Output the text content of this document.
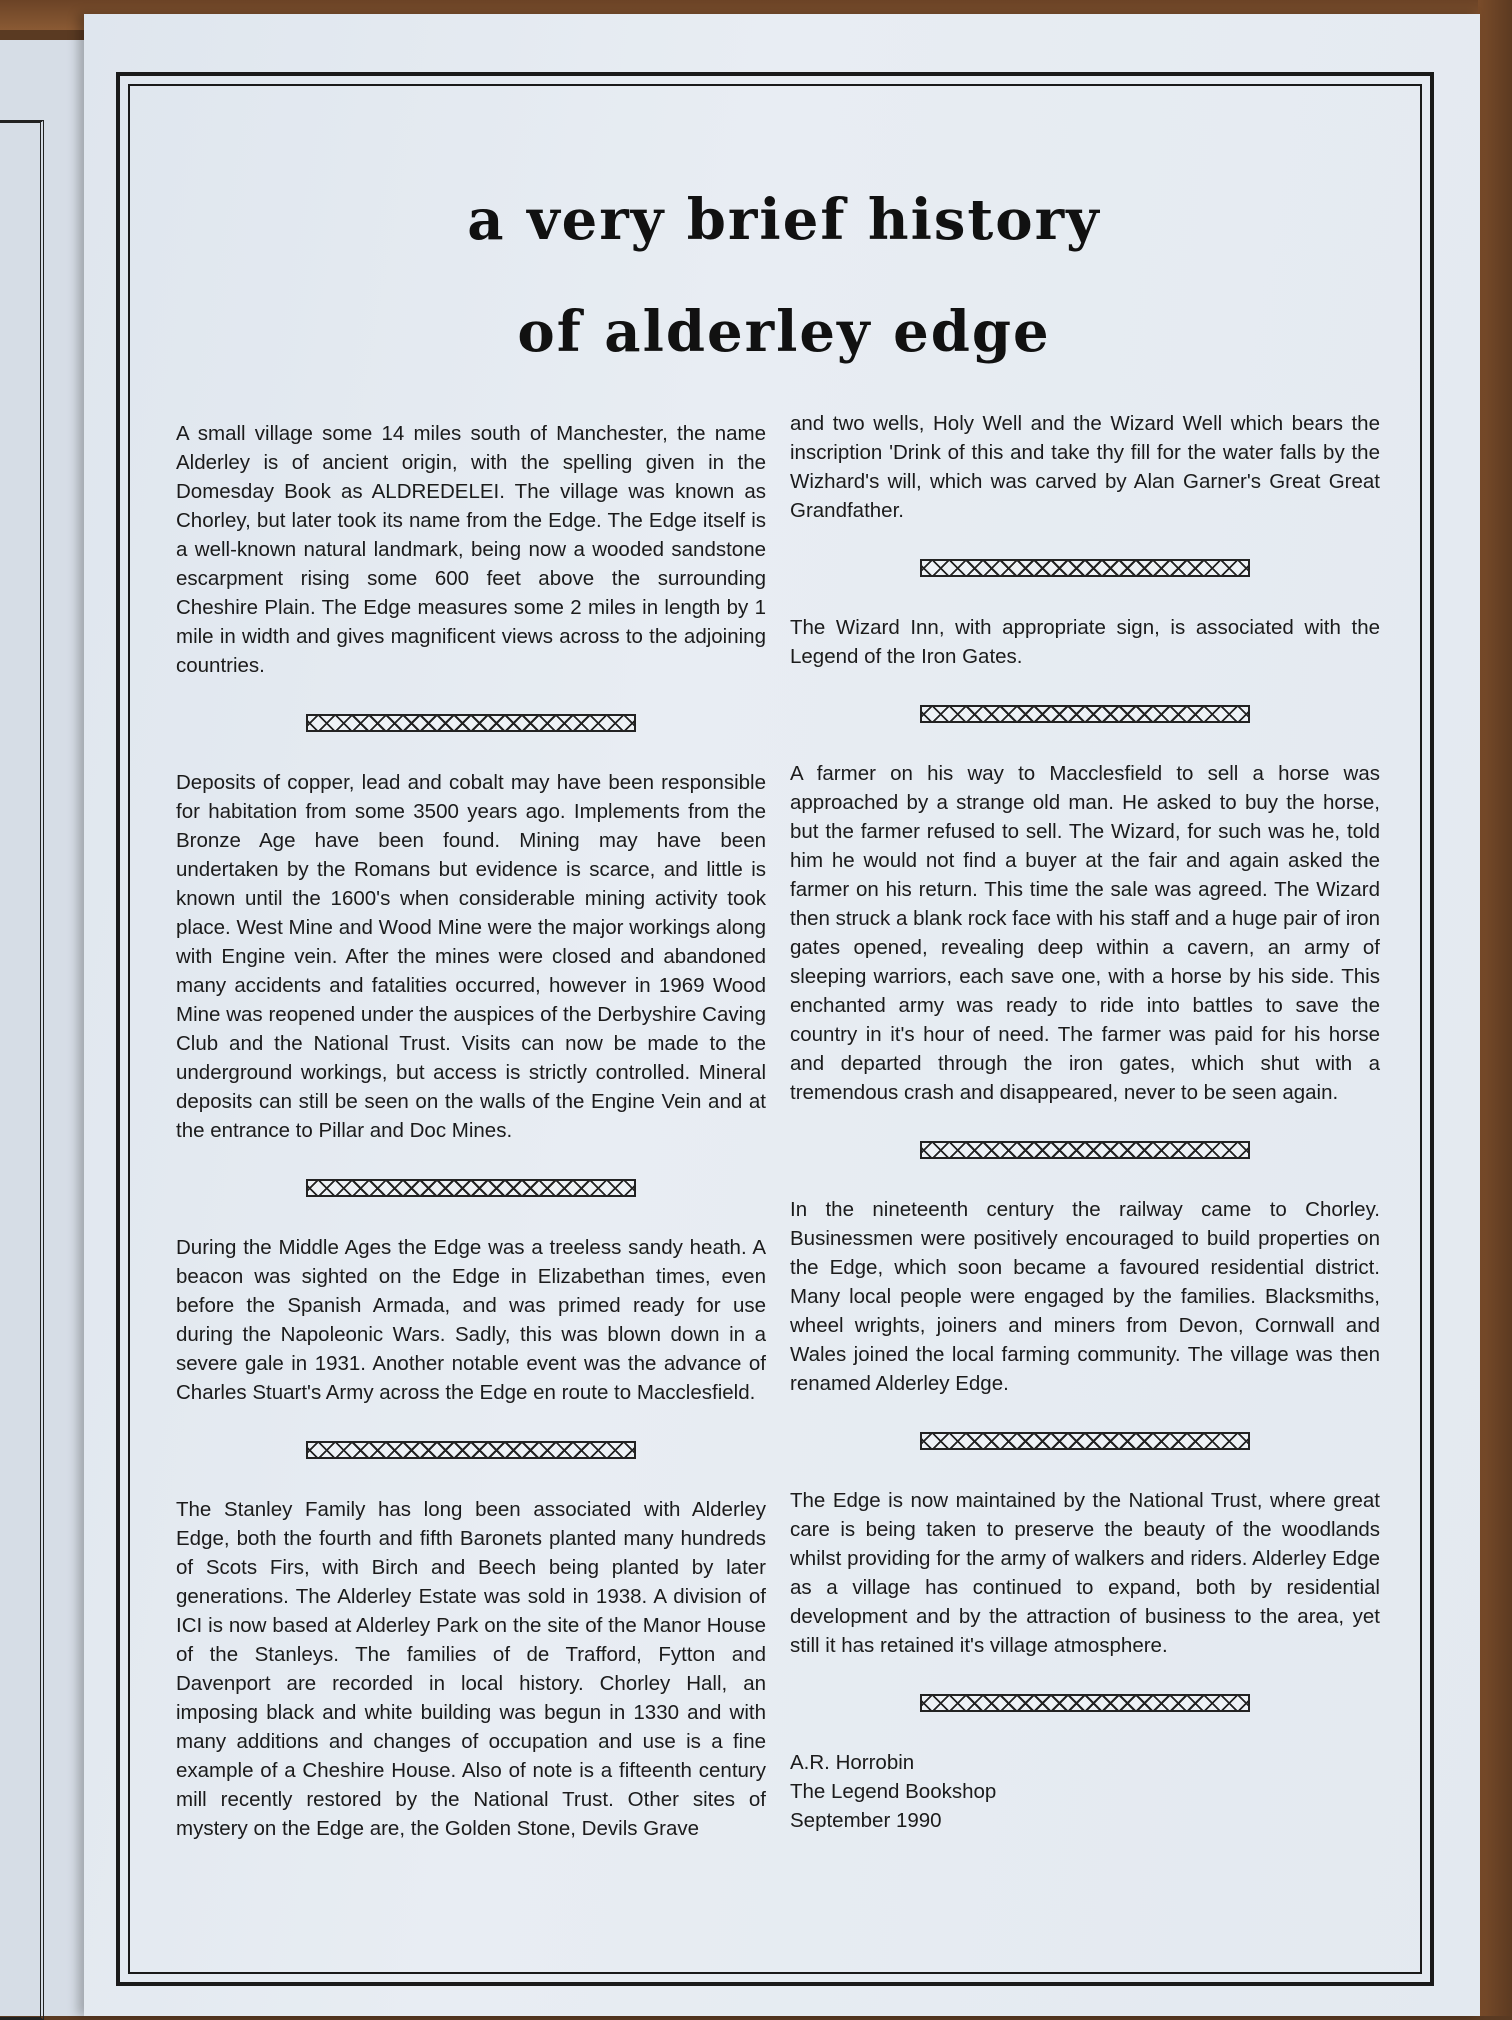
a very brief history
of alderley edge

A small village some 14 miles south of Manchester, the name Alderley is of ancient origin, with the spelling given in the Domesday Book as ALDREDELEI. The village was known as Chorley, but later took its name from the Edge. The Edge itself is a well-known natural landmark, being now a wooded sandstone escarpment rising some 600 feet above the surrounding Cheshire Plain. The Edge measures some 2 miles in length by 1 mile in width and gives magnificent views across to the adjoining countries.

Deposits of copper, lead and cobalt may have been responsible for habitation from some 3500 years ago. Implements from the Bronze Age have been found. Mining may have been undertaken by the Romans but evidence is scarce, and little is known until the 1600's when considerable mining activity took place. West Mine and Wood Mine were the major workings along with Engine vein. After the mines were closed and abandoned many accidents and fatalities occurred, however in 1969 Wood Mine was reopened under the auspices of the Derbyshire Caving Club and the National Trust. Visits can now be made to the underground workings, but access is strictly controlled. Mineral deposits can still be seen on the walls of the Engine Vein and at the entrance to Pillar and Doc Mines.

During the Middle Ages the Edge was a treeless sandy heath. A beacon was sighted on the Edge in Elizabethan times, even before the Spanish Armada, and was primed ready for use during the Napoleonic Wars. Sadly, this was blown down in a severe gale in 1931. Another notable event was the advance of Charles Stuart's Army across the Edge en route to Macclesfield.

The Stanley Family has long been associated with Alderley Edge, both the fourth and fifth Baronets planted many hundreds of Scots Firs, with Birch and Beech being planted by later generations. The Alderley Estate was sold in 1938. A division of ICI is now based at Alderley Park on the site of the Manor House of the Stanleys. The families of de Trafford, Fytton and Davenport are recorded in local history. Chorley Hall, an imposing black and white building was begun in 1330 and with many additions and changes of occupation and use is a fine example of a Cheshire House. Also of note is a fifteenth century mill recently restored by the National Trust. Other sites of mystery on the Edge are, the Golden Stone, Devils Grave

and two wells, Holy Well and the Wizard Well which bears the inscription 'Drink of this and take thy fill for the water falls by the Wizhard's will, which was carved by Alan Garner's Great Great Grandfather.

The Wizard Inn, with appropriate sign, is associated with the Legend of the Iron Gates.

A farmer on his way to Macclesfield to sell a horse was approached by a strange old man. He asked to buy the horse, but the farmer refused to sell. The Wizard, for such was he, told him he would not find a buyer at the fair and again asked the farmer on his return. This time the sale was agreed. The Wizard then struck a blank rock face with his staff and a huge pair of iron gates opened, revealing deep within a cavern, an army of sleeping warriors, each save one, with a horse by his side. This enchanted army was ready to ride into battles to save the country in it's hour of need. The farmer was paid for his horse and departed through the iron gates, which shut with a tremendous crash and disappeared, never to be seen again.

In the nineteenth century the railway came to Chorley. Businessmen were positively encouraged to build properties on the Edge, which soon became a favoured residential district. Many local people were engaged by the families. Blacksmiths, wheel wrights, joiners and miners from Devon, Cornwall and Wales joined the local farming community. The village was then renamed Alderley Edge.

The Edge is now maintained by the National Trust, where great care is being taken to preserve the beauty of the woodlands whilst providing for the army of walkers and riders. Alderley Edge as a village has continued to expand, both by residential development and by the attraction of business to the area, yet still it has retained it's village atmosphere.

A.R. Horrobin

The Legend Bookshop

September 1990
